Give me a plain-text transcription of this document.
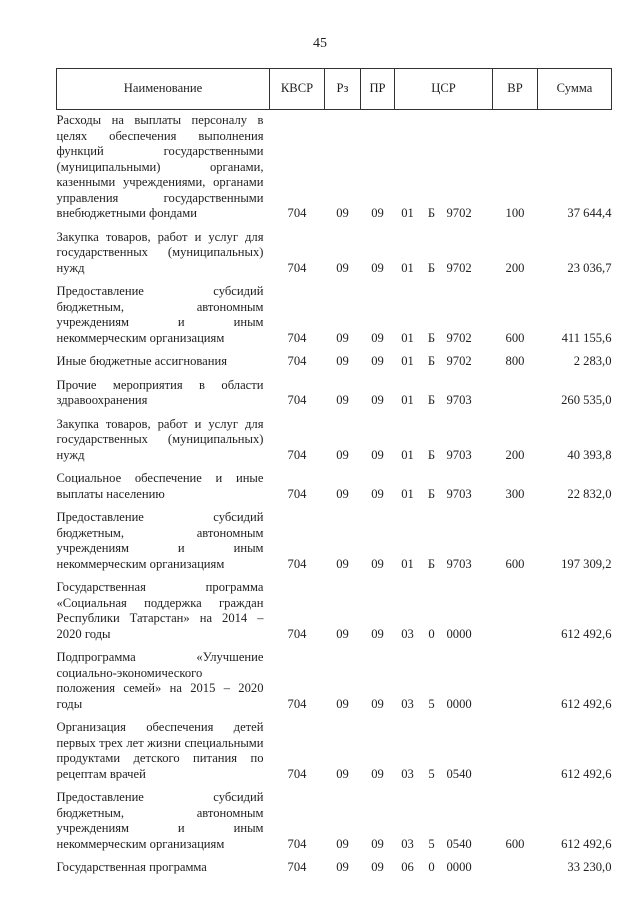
45
Наименование	КВСР	Рз	ПР	ЦСР			ВР	Сумма
Расходы на выплаты персоналу в целях обеспечения выполнения функций государственными (муниципальными) органами, казенными учреждениями, органами управления государственными внебюджетными фондами	704	09	09	01	Б	9702	100	37 644,4
Закупка товаров, работ и услуг для государственных (муниципальных) нужд	704	09	09	01	Б	9702	200	23 036,7
Предоставление субсидий бюджетным, автономным учреждениям и иным некоммерческим организациям	704	09	09	01	Б	9702	600	411 155,6
Иные бюджетные ассигнования	704	09	09	01	Б	9702	800	2 283,0
Прочие мероприятия в области здравоохранения	704	09	09	01	Б	9703		260 535,0
Закупка товаров, работ и услуг для государственных (муниципальных) нужд	704	09	09	01	Б	9703	200	40 393,8
Социальное обеспечение и иные выплаты населению	704	09	09	01	Б	9703	300	22 832,0
Предоставление субсидий бюджетным, автономным учреждениям и иным некоммерческим организациям	704	09	09	01	Б	9703	600	197 309,2
Государственная программа «Социальная поддержка граждан Республики Татарстан» на 2014 – 2020 годы	704	09	09	03	0	0000		612 492,6
Подпрограмма «Улучшение социально-экономического положения семей» на 2015 – 2020 годы	704	09	09	03	5	0000		612 492,6
Организация обеспечения детей первых трех лет жизни специальными продуктами детского питания по рецептам врачей	704	09	09	03	5	0540		612 492,6
Предоставление субсидий бюджетным, автономным учреждениям и иным некоммерческим организациям	704	09	09	03	5	0540	600	612 492,6
Государственная программа	704	09	09	06	0	0000		33 230,0
